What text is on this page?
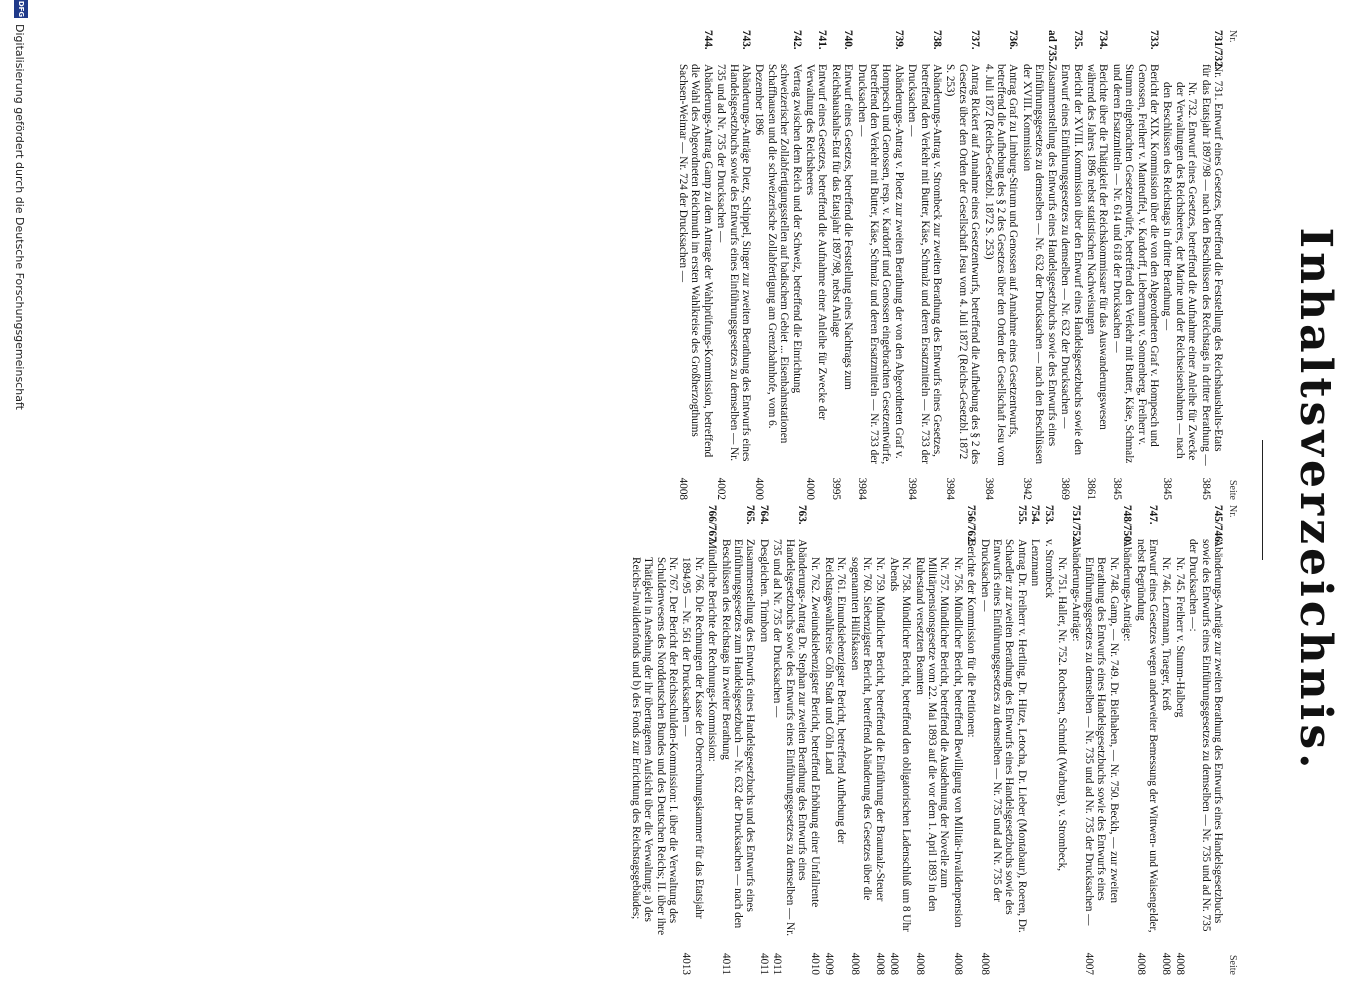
Inhaltsverzeichnis.
Nr.
Seite
745/746.
Abänderungs-Anträge zur zweiten Berathung des Entwurfs eines Handelsgesetzbuchs sowie des Entwurfs eines Einführungsgesetzes zu demselben — Nr. 735 und ad Nr. 735 der Drucksachen —:
Nr. 745. Freiherr v. Stumm-Halberg
4008
Nr. 746. Lenzmann, Traeger, Kreß
4008
747.
Entwurf eines Gesetzes wegen anderweiter Bemessung der Wittwen- und Waisengelder, nebst Begründung
4008
748/750.
Abänderungs-Anträge:
Nr. 748. Gamp, — Nr. 749. Dr. Bielhaben, — Nr. 750. Beckh, — zur zweiten Berathung des Entwurfs eines Handelsgesetzbuchs sowie des Entwurfs eines Einführungsgesetzes zu demselben — Nr. 735 und ad Nr. 735 der Drucksachen —
4007
751/752.
Abänderungs-Anträge:
Nr. 751. Haller, Nr. 752. Rochesen, Schmidt (Warburg), v. Strombeck,
753.
v. Strombeck
754.
Lenzmann
755.
Antrag Dr. Freiherr v. Hertling, Dr. Hitze, Letocha, Dr. Lieber (Montabaur), Roeren, Dr. Schaedler zur zweiten Berathung des Entwurfs eines Handelsgesetzbuchs sowie des Entwurfs eines Einführungsgesetzes zu demselben — Nr. 735 und ad Nr. 735 der Drucksachen —
4008
756/762.
Berichte der Kommission für die Petitionen:
Nr. 756. Mündlicher Bericht, betreffend Bewilligung von Militär-Invalidenpension
4008
Nr. 757. Mündlicher Bericht, betreffend die Ausdehnung der Novelle zum Militärpensionsgesetze vom 22. Mai 1893 auf die vor dem 1. April 1893 in den Ruhestand versetzten Beamten
4008
Nr. 758. Mündlicher Bericht, betreffend den obligatorischen Ladenschluß um 8 Uhr Abends
4008
Nr. 759. Mündlicher Bericht, betreffend die Einführung der Braumalz-Steuer
4008
Nr. 760. Siebenzigster Bericht, betreffend Abänderung des Gesetzes über die sogenannten Hülfskassen
4008
Nr. 761. Einundsiebenzigster Bericht, betreffend Aufhebung der Reichstagswahlkreise Cöln Stadt und Cöln Land
4009
Nr. 762. Zweiundsiebenzigster Bericht, betreffend Erhöhung einer Unfallrente
4010
763.
Abänderungs-Antrag Dr. Stephan zur zweiten Berathung des Entwurfs eines Handelsgesetzbuchs sowie des Entwurfs eines Einführungsgesetzes zu demselben — Nr. 735 und ad Nr. 735 der Drucksachen —
4011
764.
Desgleichen. Trimborn
4011
765.
Zusammenstellung des Entwurfs eines Handelsgesetzbuchs und des Entwurfs eines Einführungsgesetzes zum Handelsgesetzbuch — Nr. 632 der Drucksachen — nach den Beschlüssen des Reichstags in zweiter Berathung
4011
766/767.
Mündliche Berichte der Rechnungs-Kommission:
Nr. 766. Die Rechnungen der Kasse der Oberrechnungskammer für das Etatsjahr 1894/95 — Nr. 561 der Drucksachen —
4013
Nr. 767. Der Bericht der Reichsschulden-Kommission: I. über die Verwaltung des Schuldenwesens des Norddeutschen Bundes und des Deutschen Reichs; II. über ihre Thätigkeit in Ansehung der ihr übertragenen Aufsicht über die Verwaltung: a) des Reichs-Invalidenfonds und b) des Fonds zur Errichtung des Reichstagsgebäudes;
Nr.
Seite
731/732.
Nr. 731. Entwurf eines Gesetzes, betreffend die Feststellung des Reichshaushalts-Etats für das Etatsjahr 1897/98 — nach den Beschlüssen des Reichstags in dritter Berathung —
3845
Nr. 732. Entwurf eines Gesetzes, betreffend die Aufnahme einer Anleihe für Zwecke der Verwaltungen des Reichsheeres, der Marine und der Reichseisenbahnen — nach den Beschlüssen des Reichstags in dritter Berathung —
3845
733.
Bericht der XIX. Kommission über die von den Abgeordneten Graf v. Hompesch und Genossen, Freiherr v. Manteuffel, v. Kardorff, Liebermann v. Sonnenberg, Freiherr v. Stumm eingebrachten Gesetzentwürfe, betreffend den Verkehr mit Butter, Käse, Schmalz und deren Ersatzmitteln — Nr. 614 und 618 der Drucksachen —
3845
734.
Berichte über die Thätigkeit der Reichskommissare für das Auswanderungswesen während des Jahres 1896 nebst statistischen Nachweisungen
3861
735.
Bericht der XVIII. Kommission über den Entwurf eines Handelsgesetzbuchs sowie den Entwurf eines Einführungsgesetzes zu demselben — Nr. 632 der Drucksachen —
3869
ad 735.
Zusammenstellung des Entwurfs eines Handelsgesetzbuchs sowie des Entwurfs eines Einführungsgesetzes zu demselben — Nr. 632 der Drucksachen — nach den Beschlüssen der XVIII. Kommission
3942
736.
Antrag Graf zu Limburg-Stirum und Genossen auf Annahme eines Gesetzentwurfs, betreffend die Aufhebung des § 2 des Gesetzes über den Orden der Gesellschaft Jesu vom 4. Juli 1872 (Reichs-Gesetzbl. 1872 S. 253)
3984
737.
Antrag Rickert auf Annahme eines Gesetzentwurfs, betreffend die Aufhebung des § 2 des Gesetzes über den Orden der Gesellschaft Jesu vom 4. Juli 1872 (Reichs-Gesetzbl. 1872 S. 253)
3984
738.
Abänderungs-Antrag v. Strombeck zur zweiten Berathung des Entwurfs eines Gesetzes, betreffend den Verkehr mit Butter, Käse, Schmalz und deren Ersatzmitteln — Nr. 733 der Drucksachen —
3984
739.
Abänderungs-Antrag v. Ploetz zur zweiten Berathung der von den Abgeordneten Graf v. Hompesch und Genossen, resp. v. Kardorff und Genossen eingebrachten Gesetzentwürfe, betreffend den Verkehr mit Butter, Käse, Schmalz und deren Ersatzmitteln — Nr. 733 der Drucksachen —
3984
740.
Entwurf eines Gesetzes, betreffend die Feststellung eines Nachtrags zum Reichshaushalts-Etat für das Etatsjahr 1897/98, nebst Anlage
3995
741.
Entwurf eines Gesetzes, betreffend die Aufnahme einer Anleihe für Zwecke der Verwaltung des Reichsheeres
4000
742.
Vertrag zwischen dem Reich und der Schweiz, betreffend die Einrichtung schweizerischer Zollabfertigungsstellen auf badischem Gebiet ... Eisenbahnstationen Schaffhausen und die schweizerische Zollabfertigung am Grenzbahnhofe, vom 6. Dezember 1896
4000
743.
Abänderungs-Anträge Dietz, Schippel, Singer zur zweiten Berathung des Entwurfs eines Handelsgesetzbuchs sowie des Entwurfs eines Einführungsgesetzes zu demselben — Nr. 735 und ad Nr. 735 der Drucksachen —
4002
744.
Abänderungs-Antrag Gamp zu dem Antrage der Wahlprüfungs-Kommission, betreffend die Wahl des Abgeordneten Reichmuth im ersten Wahlkreise des Großherzogthums Sachsen-Weimar — Nr. 724 der Drucksachen —
4008
DFG
Digitalisierung gefördert durch die Deutsche Forschungsgemeinschaft
